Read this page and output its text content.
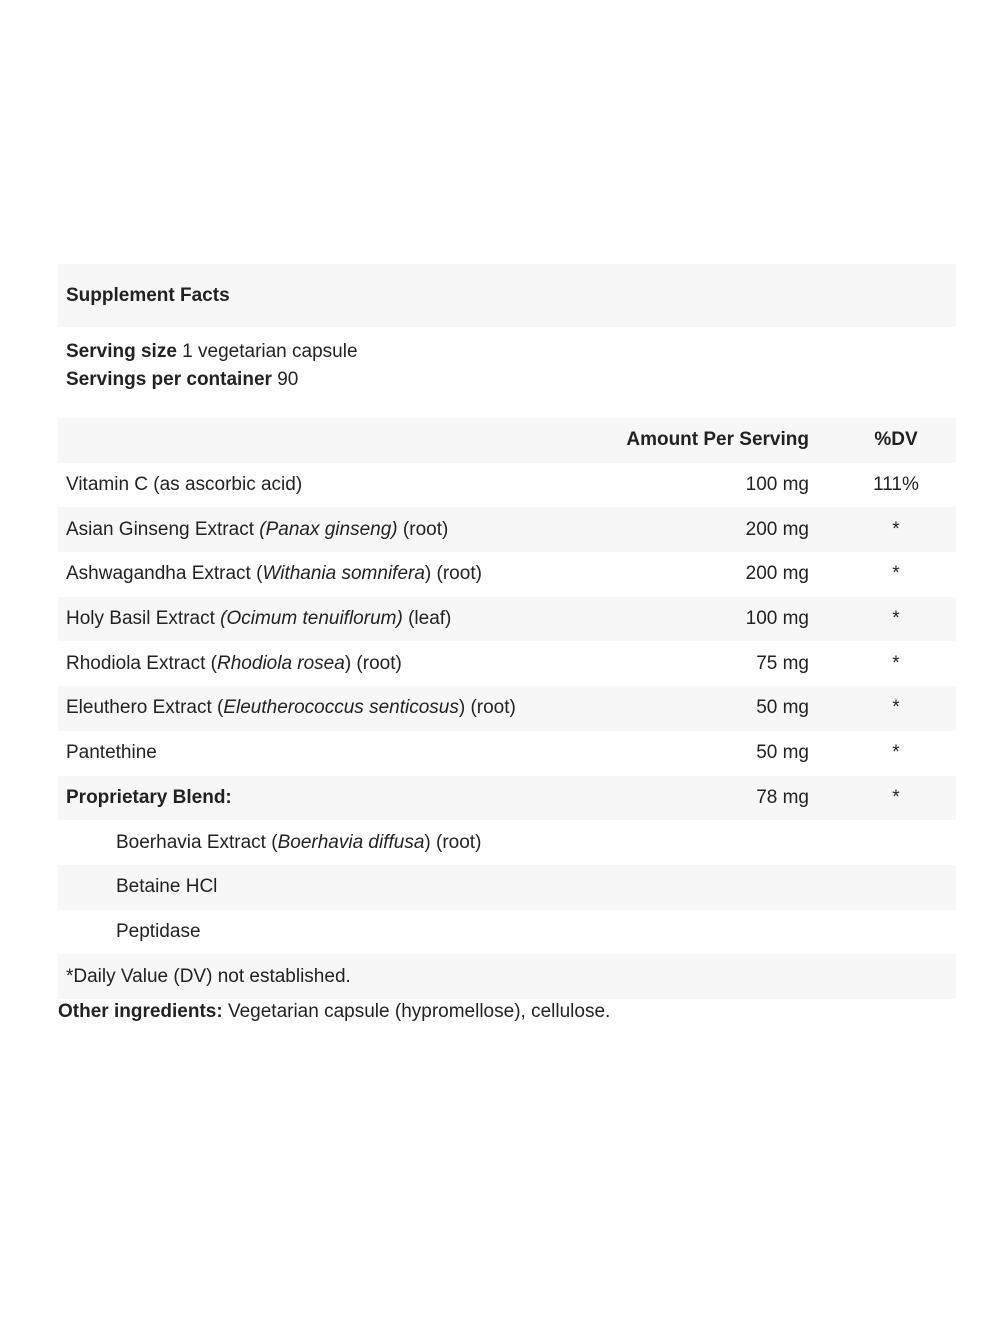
Supplement Facts
Serving size 1 vegetarian capsule
Servings per container 90
Amount Per Serving	%DV
Vitamin C (as ascorbic acid)	100 mg	111%
Asian Ginseng Extract (Panax ginseng) (root)	200 mg	*
Ashwagandha Extract (Withania somnifera) (root)	200 mg	*
Holy Basil Extract (Ocimum tenuiflorum) (leaf)	100 mg	*
Rhodiola Extract (Rhodiola rosea) (root)	75 mg	*
Eleuthero Extract (Eleutherococcus senticosus) (root)	50 mg	*
Pantethine	50 mg	*
Proprietary Blend:	78 mg	*
Boerhavia Extract (Boerhavia diffusa) (root)
Betaine HCl
Peptidase
*Daily Value (DV) not established.
Other ingredients: Vegetarian capsule (hypromellose), cellulose.
